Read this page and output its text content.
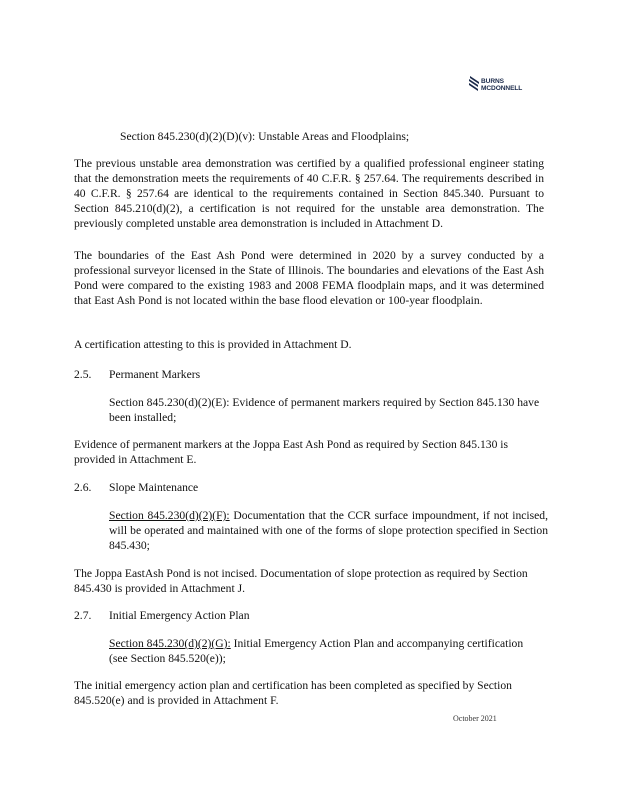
BURNS
MCDONNELL

Section 845.230(d)(2)(D)(v): Unstable Areas and Floodplains;

The previous unstable area demonstration was certified by a qualified professional engineer stating that the demonstration meets the requirements of 40 C.F.R. § 257.64. The requirements described in 40 C.F.R. § 257.64 are identical to the requirements contained in Section 845.340. Pursuant to Section 845.210(d)(2), a certification is not required for the unstable area demonstration. The previously completed unstable area demonstration is included in Attachment D.

The boundaries of the East Ash Pond were determined in 2020 by a survey conducted by a professional surveyor licensed in the State of Illinois. The boundaries and elevations of the East Ash Pond were compared to the existing 1983 and 2008 FEMA floodplain maps, and it was determined that East Ash Pond is not located within the base flood elevation or 100-year floodplain.

A certification attesting to this is provided in Attachment D.

2.5. Permanent Markers

Section 845.230(d)(2)(E): Evidence of permanent markers required by Section 845.130 have been installed;

Evidence of permanent markers at the Joppa East Ash Pond as required by Section 845.130 is provided in Attachment E.

2.6. Slope Maintenance

Section 845.230(d)(2)(F): Documentation that the CCR surface impoundment, if not incised, will be operated and maintained with one of the forms of slope protection specified in Section 845.430;

The Joppa EastAsh Pond is not incised. Documentation of slope protection as required by Section 845.430 is provided in Attachment J.

2.7. Initial Emergency Action Plan

Section 845.230(d)(2)(G): Initial Emergency Action Plan and accompanying certification (see Section 845.520(e));

The initial emergency action plan and certification has been completed as specified by Section 845.520(e) and is provided in Attachment F.

October 2021
